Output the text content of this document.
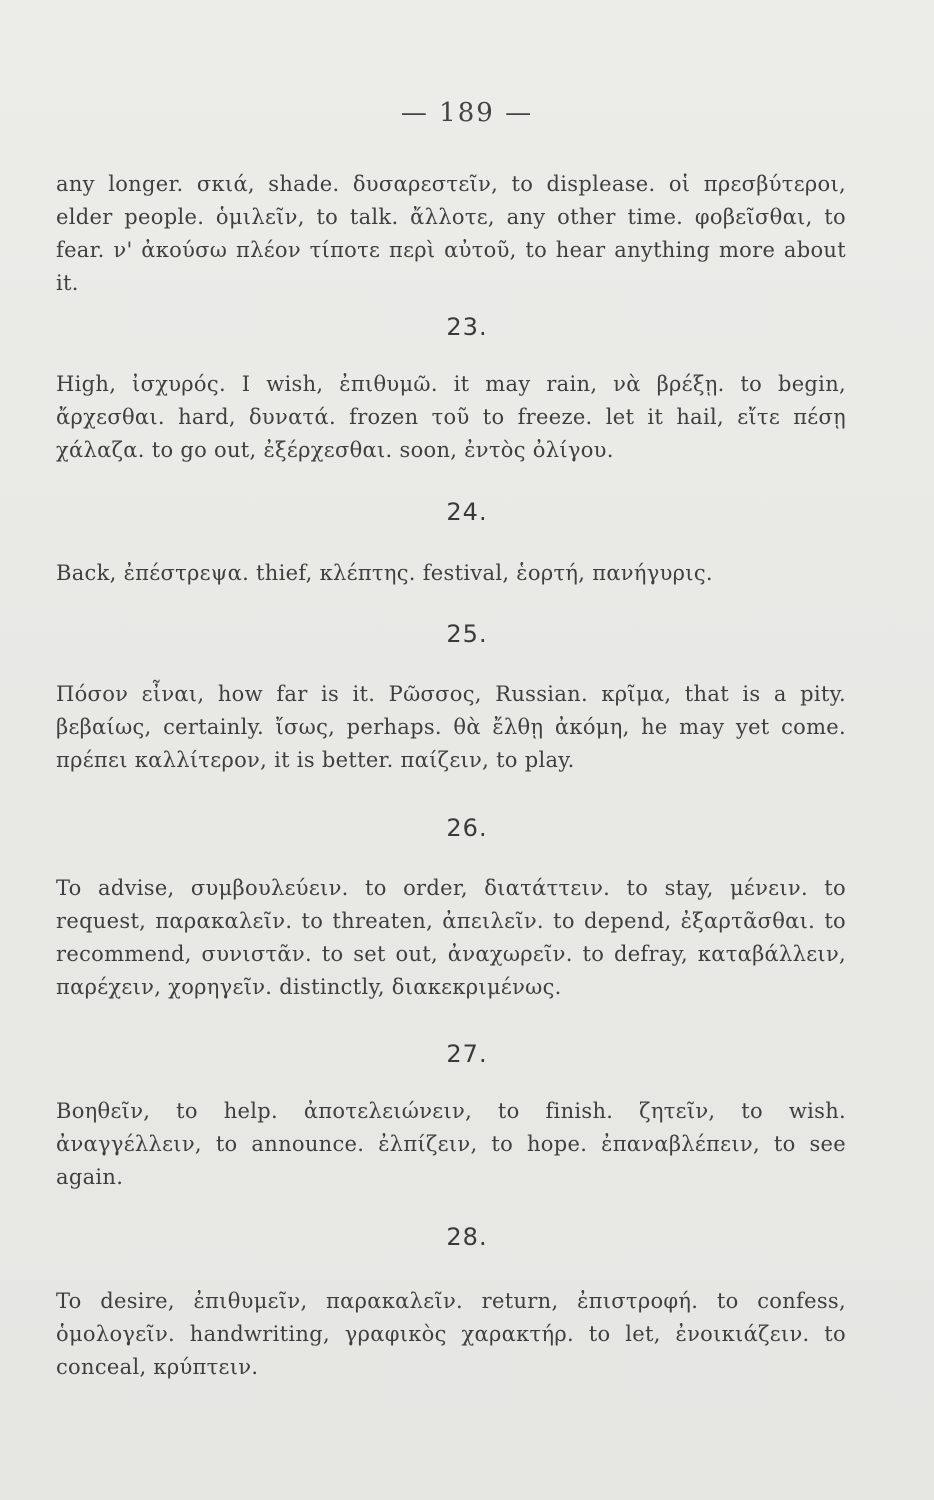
— 189 —
any longer. σκιά, shade. δυσαρεστεῖν, to displease. οἱ πρεσβύτεροι, elder people. ὁμιλεῖν, to talk. ἄλλοτε, any other time. φοβεῖσθαι, to fear. ν' ἀκούσω πλέον τίποτε περὶ αὐτοῦ, to hear anything more about it.
23.
High, ἰσχυρός. I wish, ἐπιθυμῶ. it may rain, νὰ βρέξῃ. to begin, ἄρχεσθαι. hard, δυνατά. frozen τοῦ to freeze. let it hail, εἴτε πέσῃ χάλαζα. to go out, ἐξέρχεσθαι. soon, ἐντὸς ὀλίγου.
24.
Back, ἐπέστρεψα. thief, κλέπτης. festival, ἑορτή, πανήγυρις.
25.
Πόσον εἶναι, how far is it. Ρῶσσος, Russian. κρῖμα, that is a pity. βεβαίως, certainly. ἴσως, perhaps. θὰ ἔλθῃ ἀκόμη, he may yet come. πρέπει καλλίτερον, it is better. παίζειν, to play.
26.
To advise, συμβουλεύειν. to order, διατάττειν. to stay, μένειν. to request, παρακαλεῖν. to threaten, ἀπειλεῖν. to depend, ἐξαρτᾶσθαι. to recommend, συνιστᾶν. to set out, ἀναχωρεῖν. to defray, καταβάλλειν, παρέχειν, χορηγεῖν. distinctly, διακεκριμένως.
27.
Βοηθεῖν, to help. ἀποτελειώνειν, to finish. ζητεῖν, to wish. ἀναγγέλλειν, to announce. ἐλπίζειν, to hope. ἐπαναβλέπειν, to see again.
28.
To desire, ἐπιθυμεῖν, παρακαλεῖν. return, ἐπιστροφή. to confess, ὁμολογεῖν. handwriting, γραφικὸς χαρακτήρ. to let, ἐνοικιάζειν. to conceal, κρύπτειν.
